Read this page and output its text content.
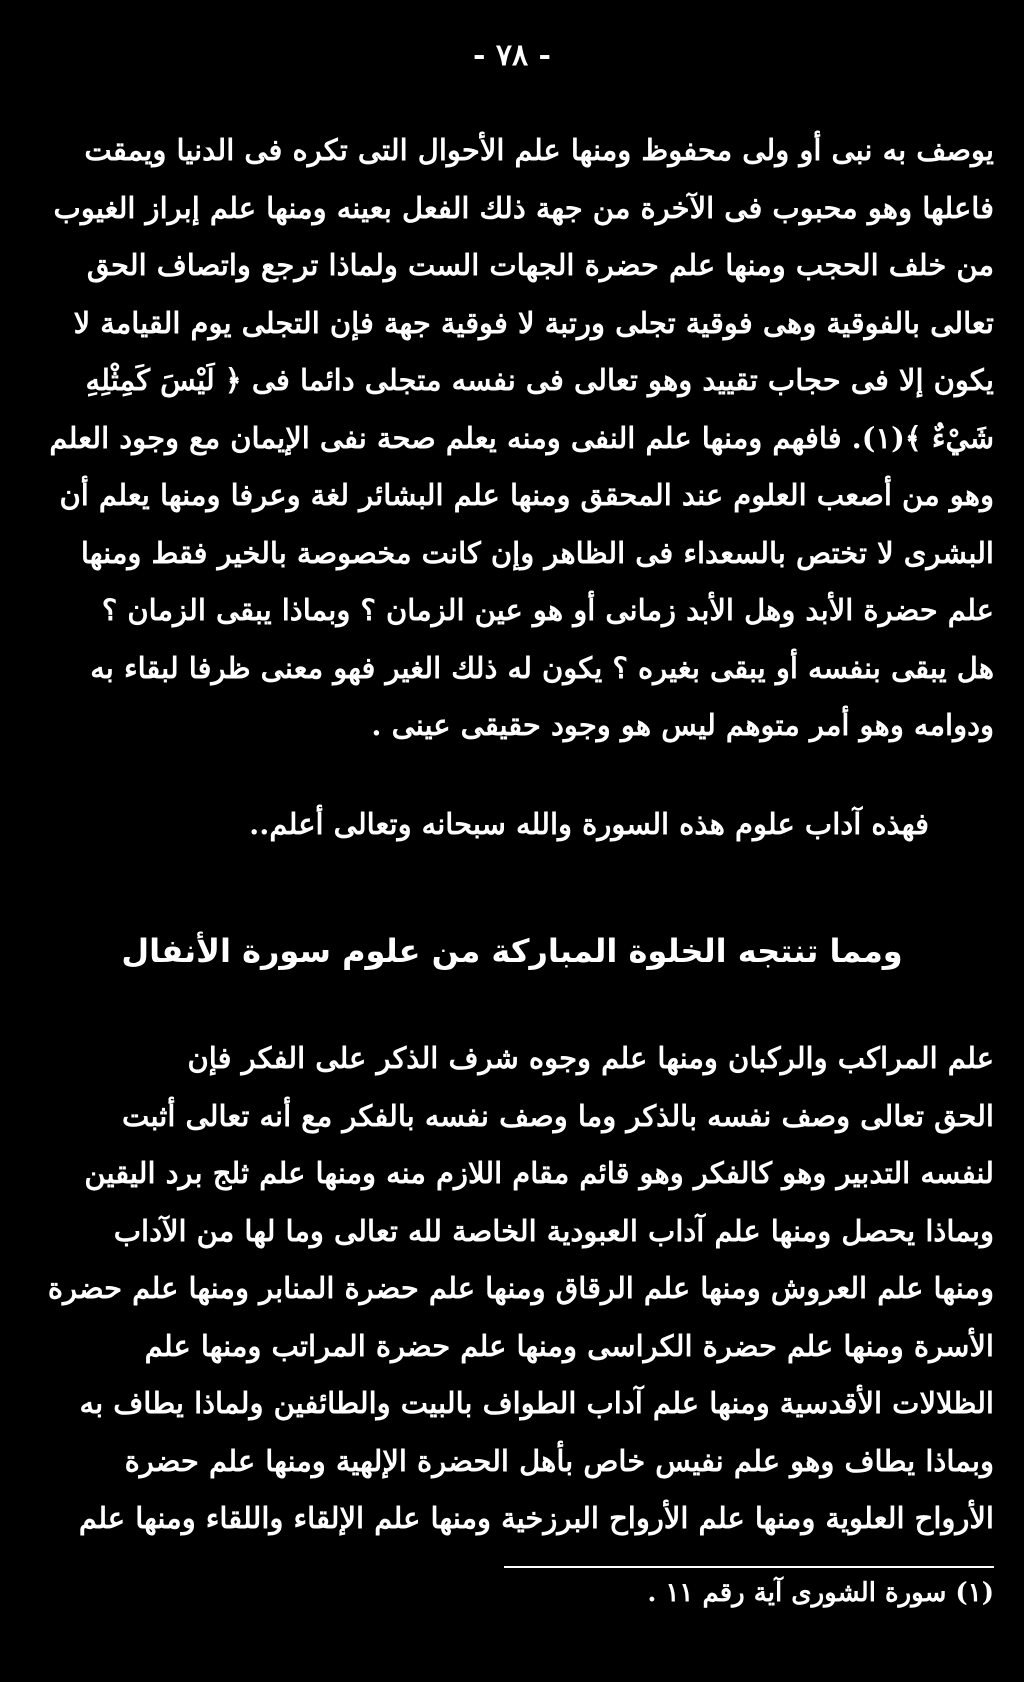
- ٧٨ -
يوصف به نبى أو ولى محفوظ ومنها علم الأحوال التى تكره فى الدنيا ويمقت
فاعلها وهو محبوب فى الآخرة من جهة ذلك الفعل بعينه ومنها علم إبراز الغيوب
من خلف الحجب ومنها علم حضرة الجهات الست ولماذا ترجع واتصاف الحق
تعالى بالفوقية وهى فوقية تجلى ورتبة لا فوقية جهة فإن التجلى يوم القيامة لا
يكون إلا فى حجاب تقييد وهو تعالى فى نفسه متجلى دائما فى ﴿ لَيْسَ كَمِثْلِهِ
شَيْءٌ ﴾(١). فافهم ومنها علم النفى ومنه يعلم صحة نفى الإيمان مع وجود العلم
وهو من أصعب العلوم عند المحقق ومنها علم البشائر لغة وعرفا ومنها يعلم أن
البشرى لا تختص بالسعداء فى الظاهر وإن كانت مخصوصة بالخير فقط ومنها
علم حضرة الأبد وهل الأبد زمانى أو هو عين الزمان ؟ وبماذا يبقى الزمان ؟
هل يبقى بنفسه أو يبقى بغيره ؟ يكون له ذلك الغير فهو معنى ظرفا لبقاء به
ودوامه وهو أمر متوهم ليس هو وجود حقيقى عينى .
فهذه آداب علوم هذه السورة والله سبحانه وتعالى أعلم..
ومما تنتجه الخلوة المباركة من علوم سورة الأنفال
علم المراكب والركبان ومنها علم وجوه شرف الذكر على الفكر فإن
الحق تعالى وصف نفسه بالذكر وما وصف نفسه بالفكر مع أنه تعالى أثبت
لنفسه التدبير وهو كالفكر وهو قائم مقام اللازم منه ومنها علم ثلج برد اليقين
وبماذا يحصل ومنها علم آداب العبودية الخاصة لله تعالى وما لها من الآداب
ومنها علم العروش ومنها علم الرقاق ومنها علم حضرة المنابر ومنها علم حضرة
الأسرة ومنها علم حضرة الكراسى ومنها علم حضرة المراتب ومنها علم
الظلالات الأقدسية ومنها علم آداب الطواف بالبيت والطائفين ولماذا يطاف به
وبماذا يطاف وهو علم نفيس خاص بأهل الحضرة الإلهية ومنها علم حضرة
الأرواح العلوية ومنها علم الأرواح البرزخية ومنها علم الإلقاء واللقاء ومنها علم
(١) سورة الشورى آية رقم ١١ .
